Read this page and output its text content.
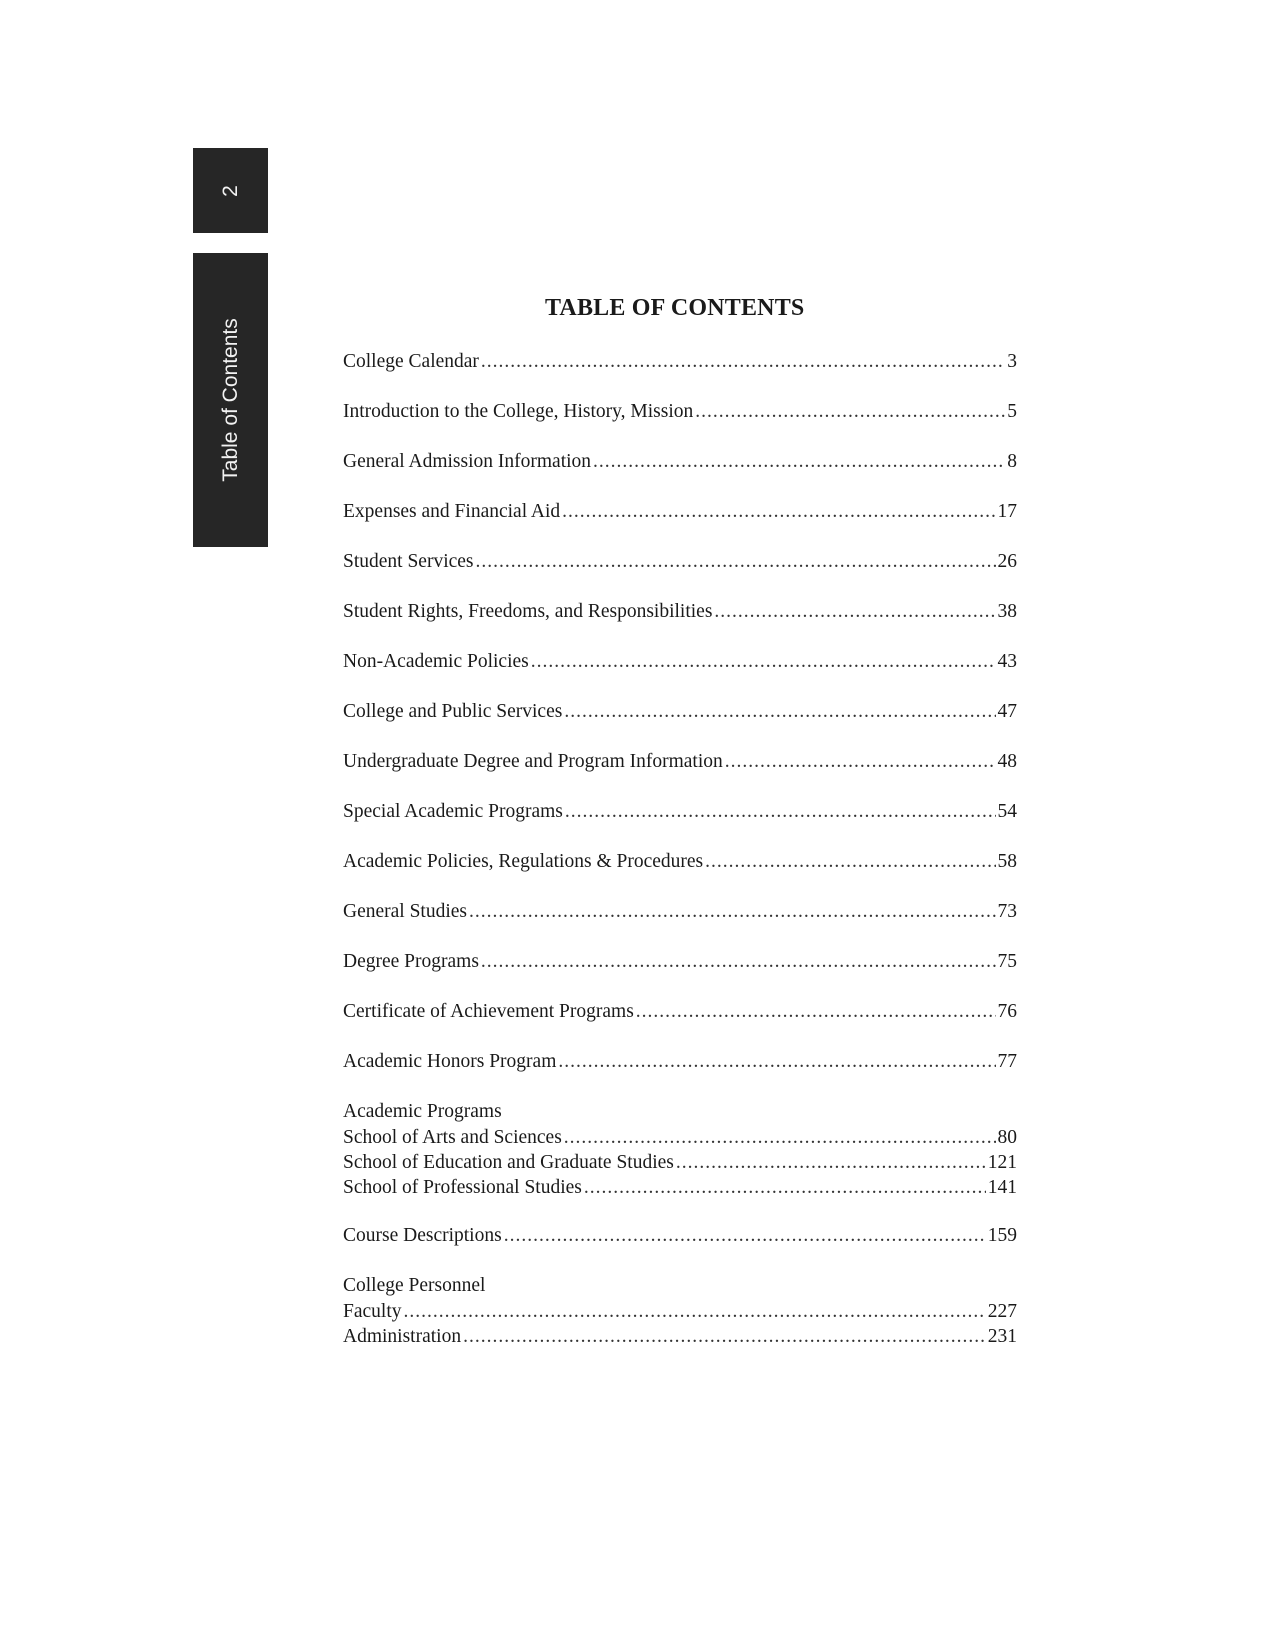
2
Table of Contents
TABLE OF CONTENTS
College Calendar .....	3
Introduction to the College, History, Mission .....	5
General Admission Information .....	8
Expenses and Financial Aid .....	17
Student Services .....	26
Student Rights, Freedoms, and Responsibilities .....	38
Non-Academic Policies .....	43
College and Public Services .....	47
Undergraduate Degree and Program Information .....	48
Special Academic Programs .....	54
Academic Policies, Regulations & Procedures .....	58
General Studies .....	73
Degree Programs .....	75
Certificate of Achievement Programs .....	76
Academic Honors Program .....	77
Academic Programs
School of Arts and Sciences .....	80
School of Education and Graduate Studies .....	121
School of Professional Studies .....	141
Course Descriptions .....	159
College Personnel
Faculty .....	227
Administration .....	231
